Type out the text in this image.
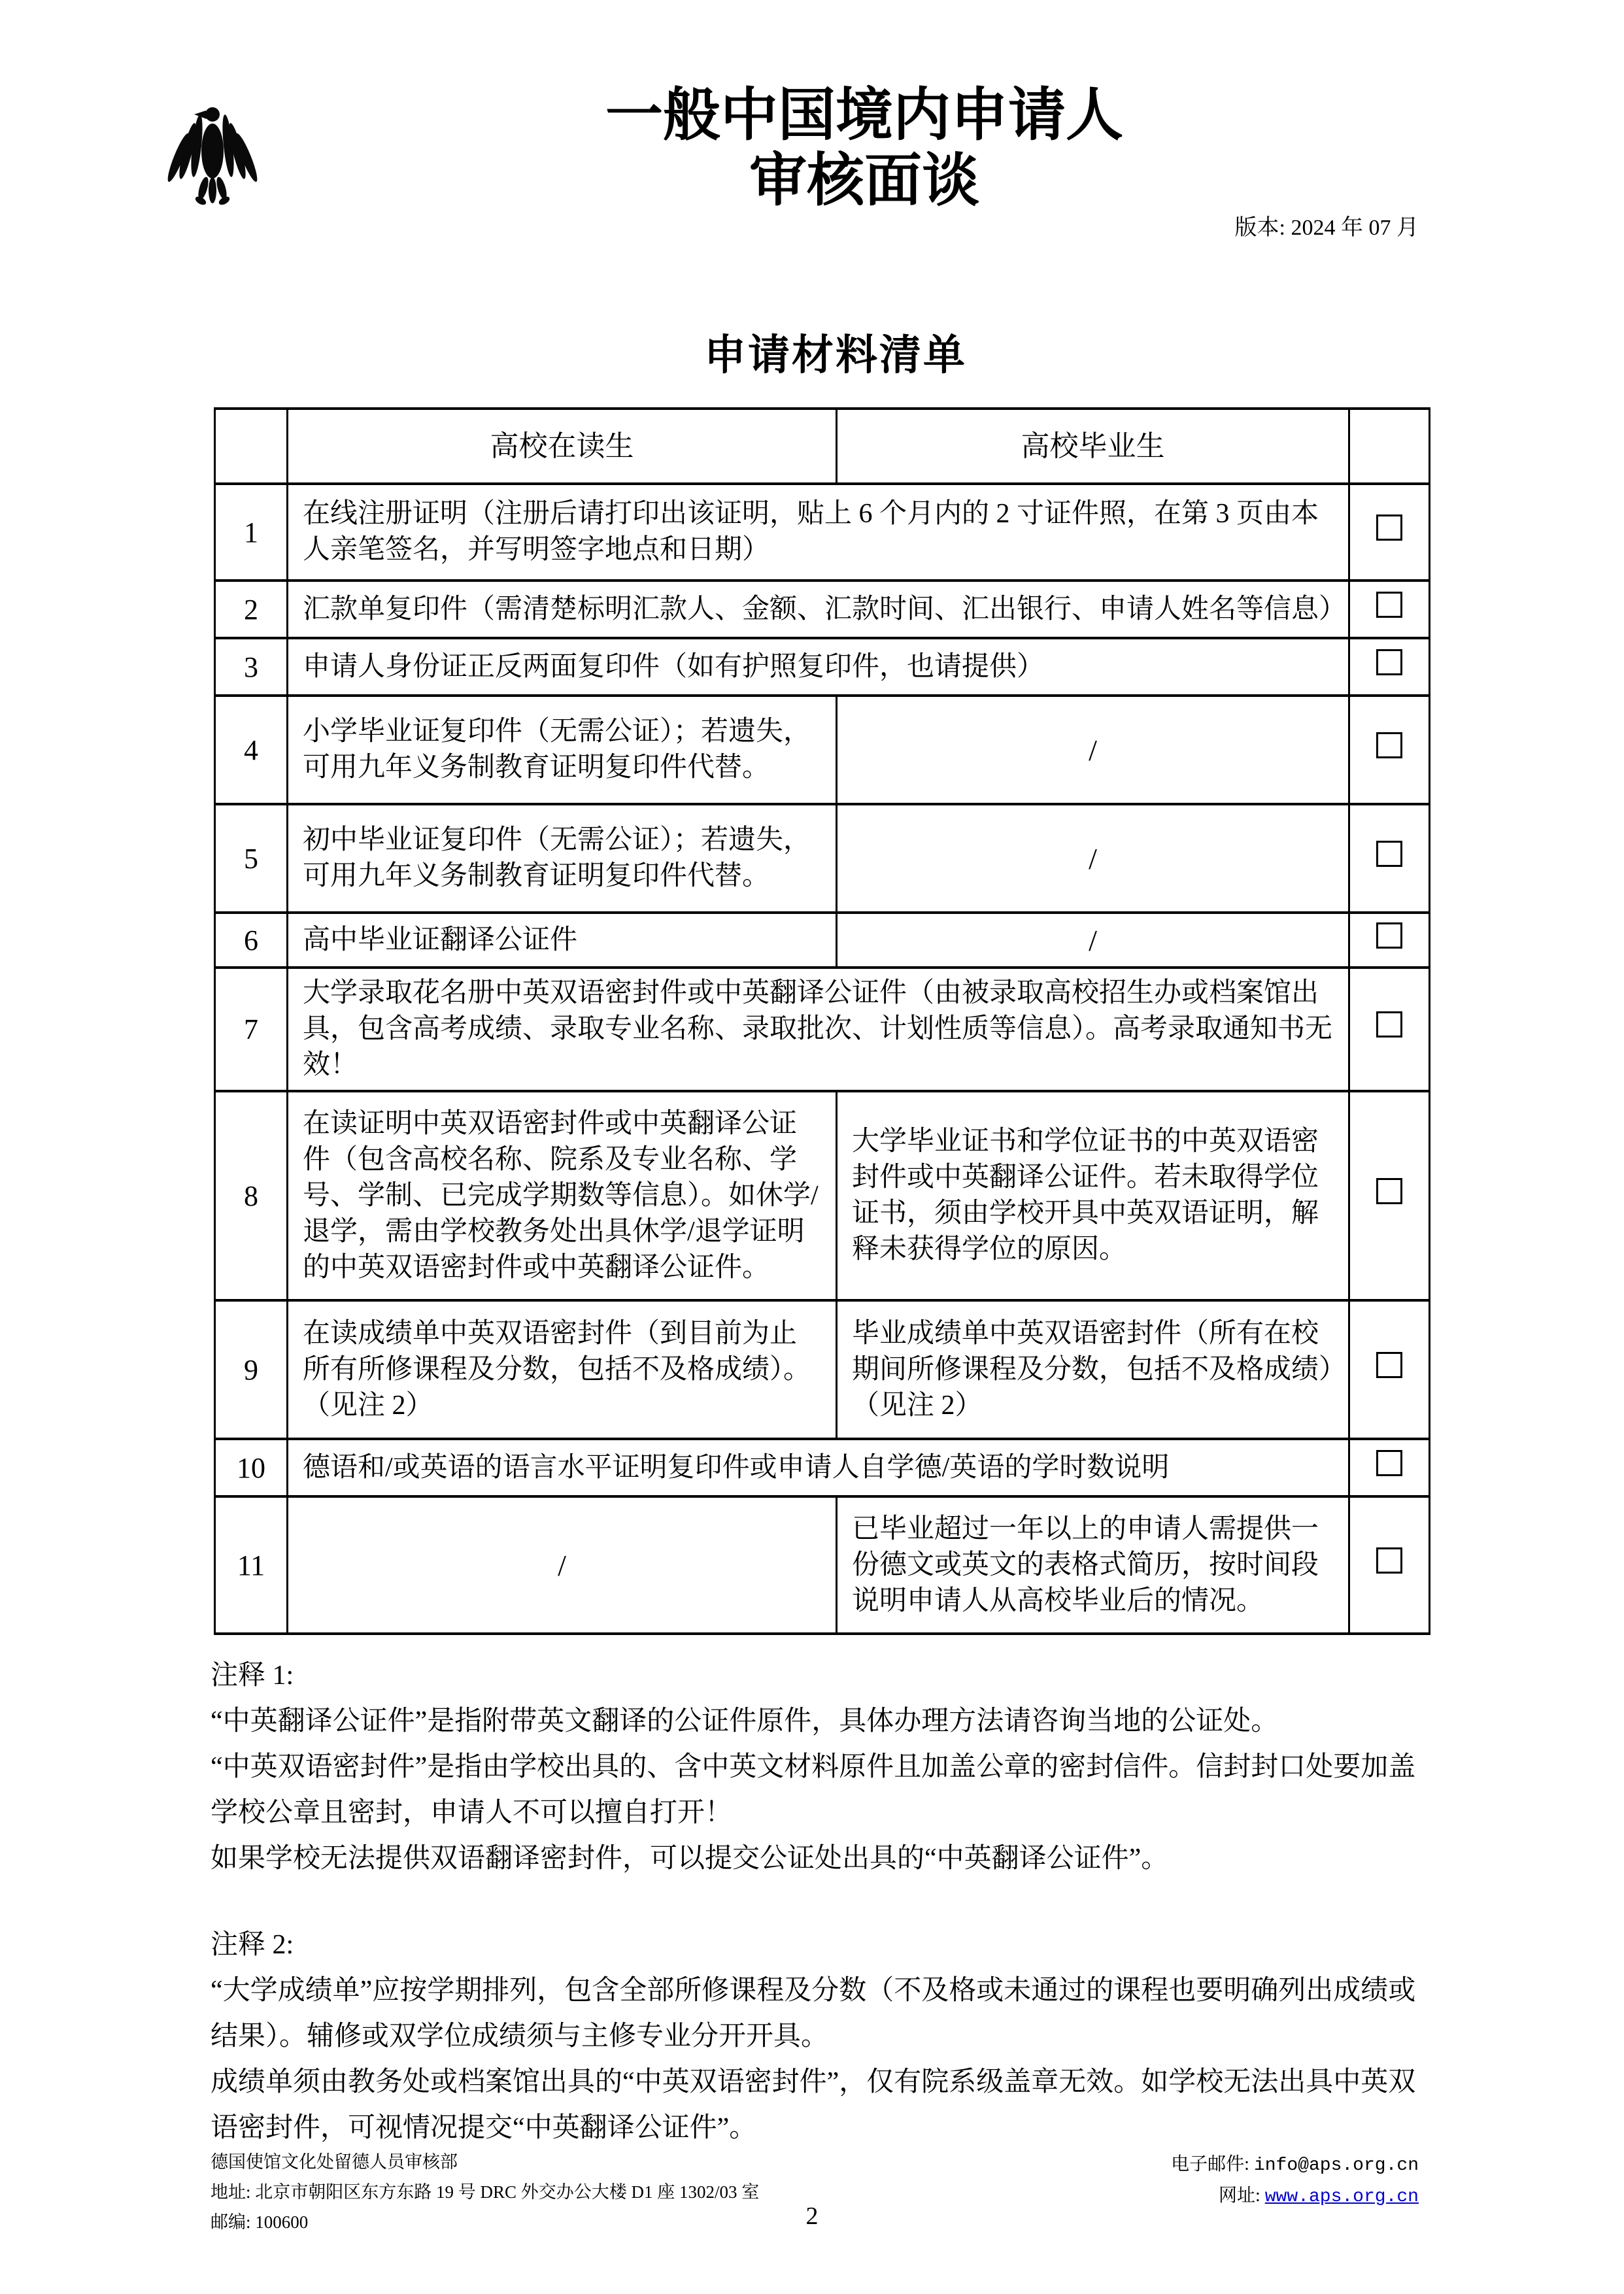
一般中国境内申请人
审核面谈
版本: 2024 年 07 月
申请材料清单
	高校在读生	高校毕业生	
1	在线注册证明（注册后请打印出该证明，贴上 6 个月内的 2 寸证件照，在第 3 页由本人亲笔签名，并写明签字地点和日期）		
2	汇款单复印件（需清楚标明汇款人、金额、汇款时间、汇出银行、申请人姓名等信息）		
3	申请人身份证正反两面复印件（如有护照复印件，也请提供）		
4	小学毕业证复印件（无需公证）；若遗失，可用九年义务制教育证明复印件代替。	/	
5	初中毕业证复印件（无需公证）；若遗失，可用九年义务制教育证明复印件代替。	/	
6	高中毕业证翻译公证件	/	
7	大学录取花名册中英双语密封件或中英翻译公证件（由被录取高校招生办或档案馆出具，包含高考成绩、录取专业名称、录取批次、计划性质等信息）。高考录取通知书无效！		
8	在读证明中英双语密封件或中英翻译公证件（包含高校名称、院系及专业名称、学号、学制、已完成学期数等信息）。如休学/退学，需由学校教务处出具休学/退学证明的中英双语密封件或中英翻译公证件。	大学毕业证书和学位证书的中英双语密封件或中英翻译公证件。若未取得学位证书，须由学校开具中英双语证明，解释未获得学位的原因。	
9	在读成绩单中英双语密封件（到目前为止所有所修课程及分数，包括不及格成绩）。（见注 2）	毕业成绩单中英双语密封件（所有在校期间所修课程及分数，包括不及格成绩）（见注 2）	
10	德语和/或英语的语言水平证明复印件或申请人自学德/英语的学时数说明		
11	/	已毕业超过一年以上的申请人需提供一份德文或英文的表格式简历，按时间段说明申请人从高校毕业后的情况。	
注释 1:
“中英翻译公证件”是指附带英文翻译的公证件原件，具体办理方法请咨询当地的公证处。
“中英双语密封件”是指由学校出具的、含中英文材料原件且加盖公章的密封信件。信封封口处要加盖
学校公章且密封，申请人不可以擅自打开！
如果学校无法提供双语翻译密封件，可以提交公证处出具的“中英翻译公证件”。
注释 2:
“大学成绩单”应按学期排列，包含全部所修课程及分数（不及格或未通过的课程也要明确列出成绩或
结果）。辅修或双学位成绩须与主修专业分开开具。
成绩单须由教务处或档案馆出具的“中英双语密封件”，仅有院系级盖章无效。如学校无法出具中英双
语密封件，可视情况提交“中英翻译公证件”。
德国使馆文化处留德人员审核部
地址: 北京市朝阳区东方东路 19 号 DRC 外交办公大楼 D1 座 1302/03 室
邮编: 100600
电子邮件: info@aps.org.cn
网址: www.aps.org.cn
2
